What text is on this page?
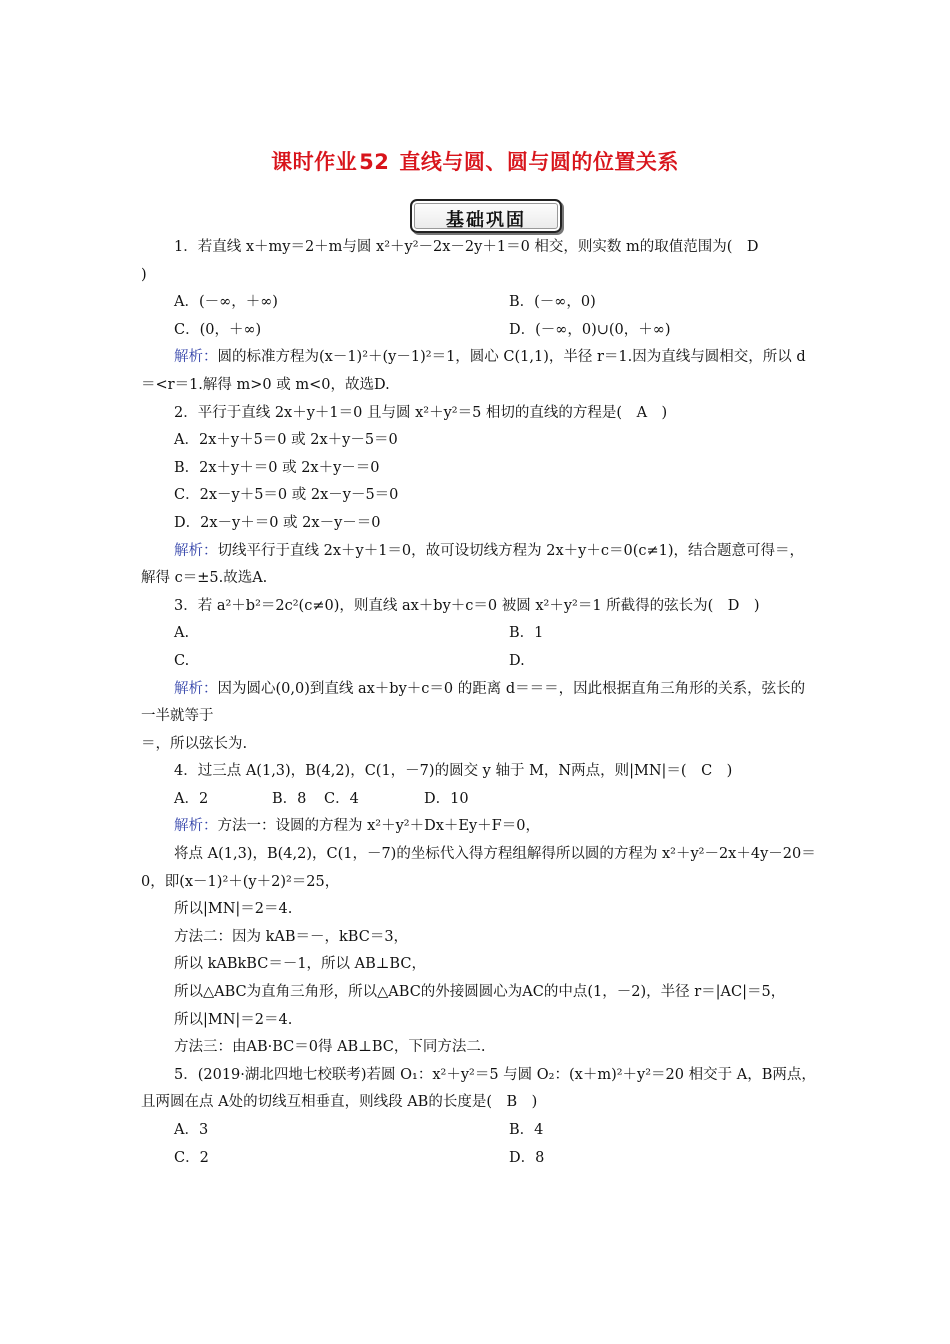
课时作业52 直线与圆、圆与圆的位置关系
基础巩固

1．若直线 x＋my＝2＋m与圆 x²＋y²－2x－2y＋1＝0 相交，则实数 m的取值范围为(　D

)

A．(－∞，＋∞)	B．(－∞，0)
C．(0，＋∞)	D．(－∞，0)∪(0，＋∞)

解析：圆的标准方程为(x－1)²＋(y－1)²＝1，圆心 C(1,1)，半径 r＝1.因为直线与圆相交，所以 d＝<r＝1.解得 m>0 或 m<0，故选D.

2．平行于直线 2x＋y＋1＝0 且与圆 x²＋y²＝5 相切的直线的方程是(　A　)

A．2x＋y＋5＝0 或 2x＋y－5＝0

B．2x＋y＋＝0 或 2x＋y－＝0

C．2x－y＋5＝0 或 2x－y－5＝0

D．2x－y＋＝0 或 2x－y－＝0

解析：切线平行于直线 2x＋y＋1＝0，故可设切线方程为 2x＋y＋c＝0(c≠1)，结合题意可得＝，解得 c＝±5.故选A.

3．若 a²＋b²＝2c²(c≠0)，则直线 ax＋by＋c＝0 被圆 x²＋y²＝1 所截得的弦长为(　D　)

A.	B．1
C.	D.

解析：因为圆心(0,0)到直线 ax＋by＋c＝0 的距离 d＝＝＝，因此根据直角三角形的关系，弦长的一半就等于

＝，所以弦长为.

4．过三点 A(1,3)，B(4,2)，C(1，－7)的圆交 y 轴于 M，N两点，则|MN|＝(　C　)

A．2	B．8	C．4	D．10

解析：方法一：设圆的方程为 x²＋y²＋Dx＋Ey＋F＝0，

将点 A(1,3)，B(4,2)，C(1，－7)的坐标代入得方程组解得所以圆的方程为 x²＋y²－2x＋4y－20＝0，即(x－1)²＋(y＋2)²＝25，

所以|MN|＝2＝4.

方法二：因为 kAB＝－，kBC＝3，

所以 kABkBC＝－1，所以 AB⊥BC，

所以△ABC为直角三角形，所以△ABC的外接圆圆心为AC的中点(1，－2)，半径 r＝|AC|＝5，

所以|MN|＝2＝4.

方法三：由AB·BC＝0得 AB⊥BC，下同方法二.

5．(2019·湖北四地七校联考)若圆 O₁：x²＋y²＝5 与圆 O₂：(x＋m)²＋y²＝20 相交于 A，B两点，且两圆在点 A处的切线互相垂直，则线段 AB的长度是(　B　)

A．3	B．4
C．2	D．8
